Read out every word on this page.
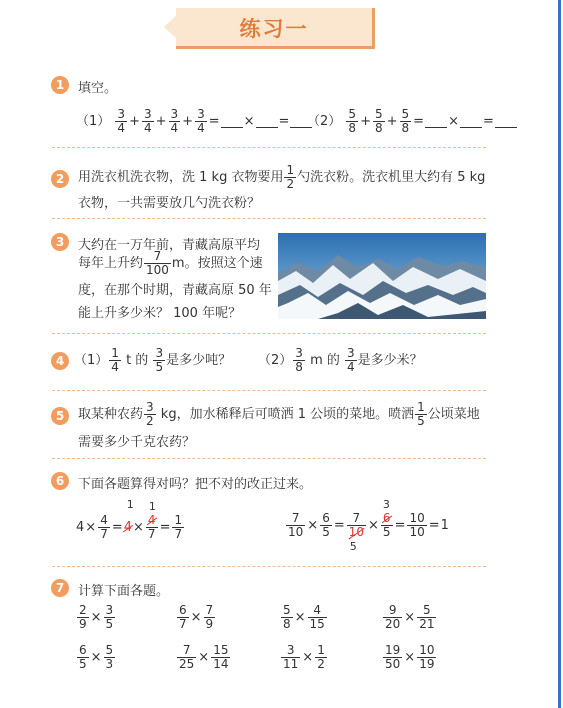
练习一
1	填空。
$(1) \frac{3}{4} + \frac{3}{4} + \frac{3}{4} + \frac{3}{4}$ = × =	$(2) \frac{5}{8} + \frac{5}{8} + \frac{5}{8}$ = × =
2	用洗衣机洗衣物，洗 1 kg 衣物要用 $\frac{1}{2}$ 勺洗衣粉。洗衣机里大约有 5 kg
衣物，一共需要放几勺洗衣粉？
3	大约在一万年前，青藏高原平均
每年上升约 $\frac{7}{100}$ m。按照这个速
度，在那个时期，青藏高原 50 年
能上升多少米？ 100 年呢？
4 $(1) \frac{1}{4}$ t 的 $\frac{3}{5}$ 是多少吨？ $(2) \frac{3}{8}$ m 的 $\frac{3}{4}$ 是多少米？
5	取某种农药 $\frac{3}{2}$ kg，加水稀释后可喷洒 1 公顷的菜地。喷洒 $\frac{1}{5}$ 公顷菜地
需要多少千克农药？
6	下面各题算得对吗？把不对的改正过来。
$4\times \frac{4}{7}$ =
1
4×
1
4
$7 = \frac{1}{7}$	$\frac{7}{10} \times \frac{6}{5} = 7$
10
5
×
3
6
$5 = \frac{10}{10} =1$
7	计算下面各题。
$\frac{2}{9} \times \frac{3}{5}$	$\frac{6}{7} \times \frac{7}{9}$	$\frac{5}{8} \times \frac{4}{15}$	$\frac{9}{20} \times \frac{5}{21}$
$\frac{6}{5} \times \frac{5}{3}$	$\frac{7}{25} \times \frac{15}{14}$	$\frac{3}{11} \times \frac{1}{2}$	$\frac{19}{50} \times \frac{10}{19}$
